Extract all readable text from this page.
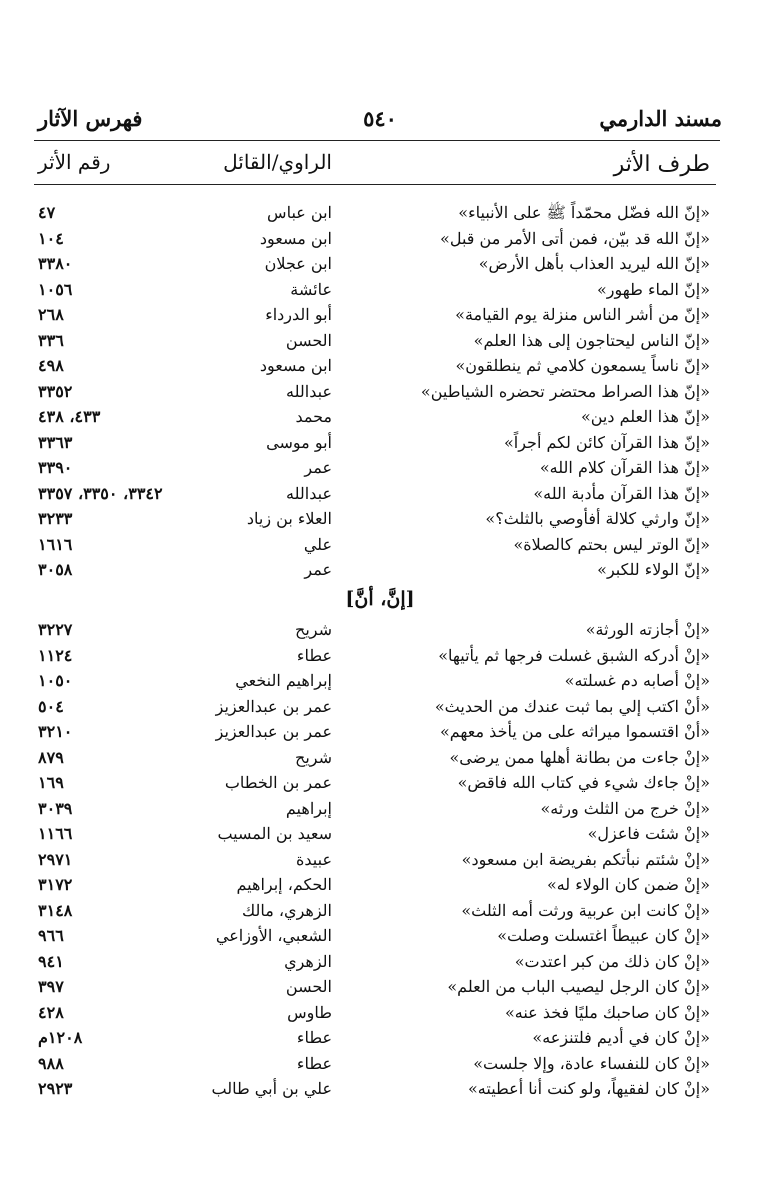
مسند الدارمي
٥٤٠
فهرس الآثار
طرف الأثر
الراوي/القائل
رقم الأثر
«إنّ الله فضّل محمّداً ﷺ على الأنبياء»
ابن عباس
٤٧
«إنّ الله قد بيّن، فمن أتى الأمر من قبل»
ابن مسعود
١٠٤
«إنّ الله ليريد العذاب بأهل الأرض»
ابن عجلان
٣٣٨٠
«إنّ الماء طهور»
عائشة
١٠٥٦
«إنّ من أشر الناس منزلة يوم القيامة»
أبو الدرداء
٢٦٨
«إنّ الناس ليحتاجون إلى هذا العلم»
الحسن
٣٣٦
«إنّ ناساً يسمعون كلامي ثم ينطلقون»
ابن مسعود
٤٩٨
«إنّ هذا الصراط محتضر تحضره الشياطين»
عبدالله
٣٣٥٢
«إنّ هذا العلم دين»
محمد
٤٣٣، ٤٣٨
«إنّ هذا القرآن كائن لكم أجراً»
أبو موسى
٣٣٦٣
«إنّ هذا القرآن كلام الله»
عمر
٣٣٩٠
«إنّ هذا القرآن مأدبة الله»
عبدالله
٣٣٤٢، ٣٣٥٠، ٣٣٥٧
«إنّ وارثي كلالة أفأوصي بالثلث؟»
العلاء بن زياد
٣٢٣٣
«إنّ الوتر ليس بحتم كالصلاة»
علي
١٦١٦
«إنّ الولاء للكبر»
عمر
٣٠٥٨
[إنَّ، أنَّ]
«إنْ أجازته الورثة»
شريح
٣٢٢٧
«إنْ أدركه الشبق غسلت فرجها ثم يأتيها»
عطاء
١١٢٤
«إنْ أصابه دم غسلته»
إبراهيم النخعي
١٠٥٠
«أنْ اكتب إلي بما ثبت عندك من الحديث»
عمر بن عبدالعزيز
٥٠٤
«أنْ اقتسموا ميراثه على من يأخذ معهم»
عمر بن عبدالعزيز
٣٢١٠
«إنْ جاءت من بطانة أهلها ممن يرضى»
شريح
٨٧٩
«إنْ جاءك شيء في كتاب الله فاقض»
عمر بن الخطاب
١٦٩
«إنْ خرج من الثلث ورثه»
إبراهيم
٣٠٣٩
«إنْ شئت فاعزل»
سعيد بن المسيب
١١٦٦
«إنْ شئتم نبأتكم بفريضة ابن مسعود»
عبيدة
٢٩٧١
«إنْ ضمن كان الولاء له»
الحكم، إبراهيم
٣١٧٢
«إنْ كانت ابن عربية ورثت أمه الثلث»
الزهري، مالك
٣١٤٨
«إنْ كان عبيطاً اغتسلت وصلت»
الشعبي، الأوزاعي
٩٦٦
«إنْ كان ذلك من كبر اعتدت»
الزهري
٩٤١
«إنْ كان الرجل ليصيب الباب من العلم»
الحسن
٣٩٧
«إنْ كان صاحبك مليًا فخذ عنه»
طاوس
٤٢٨
«إنْ كان في أديم فلتنزعه»
عطاء
١٢٠٨م
«إنْ كان للنفساء عادة، وإلا جلست»
عطاء
٩٨٨
«إنْ كان لفقيهاً، ولو كنت أنا أعطيته»
علي بن أبي طالب
٢٩٢٣
